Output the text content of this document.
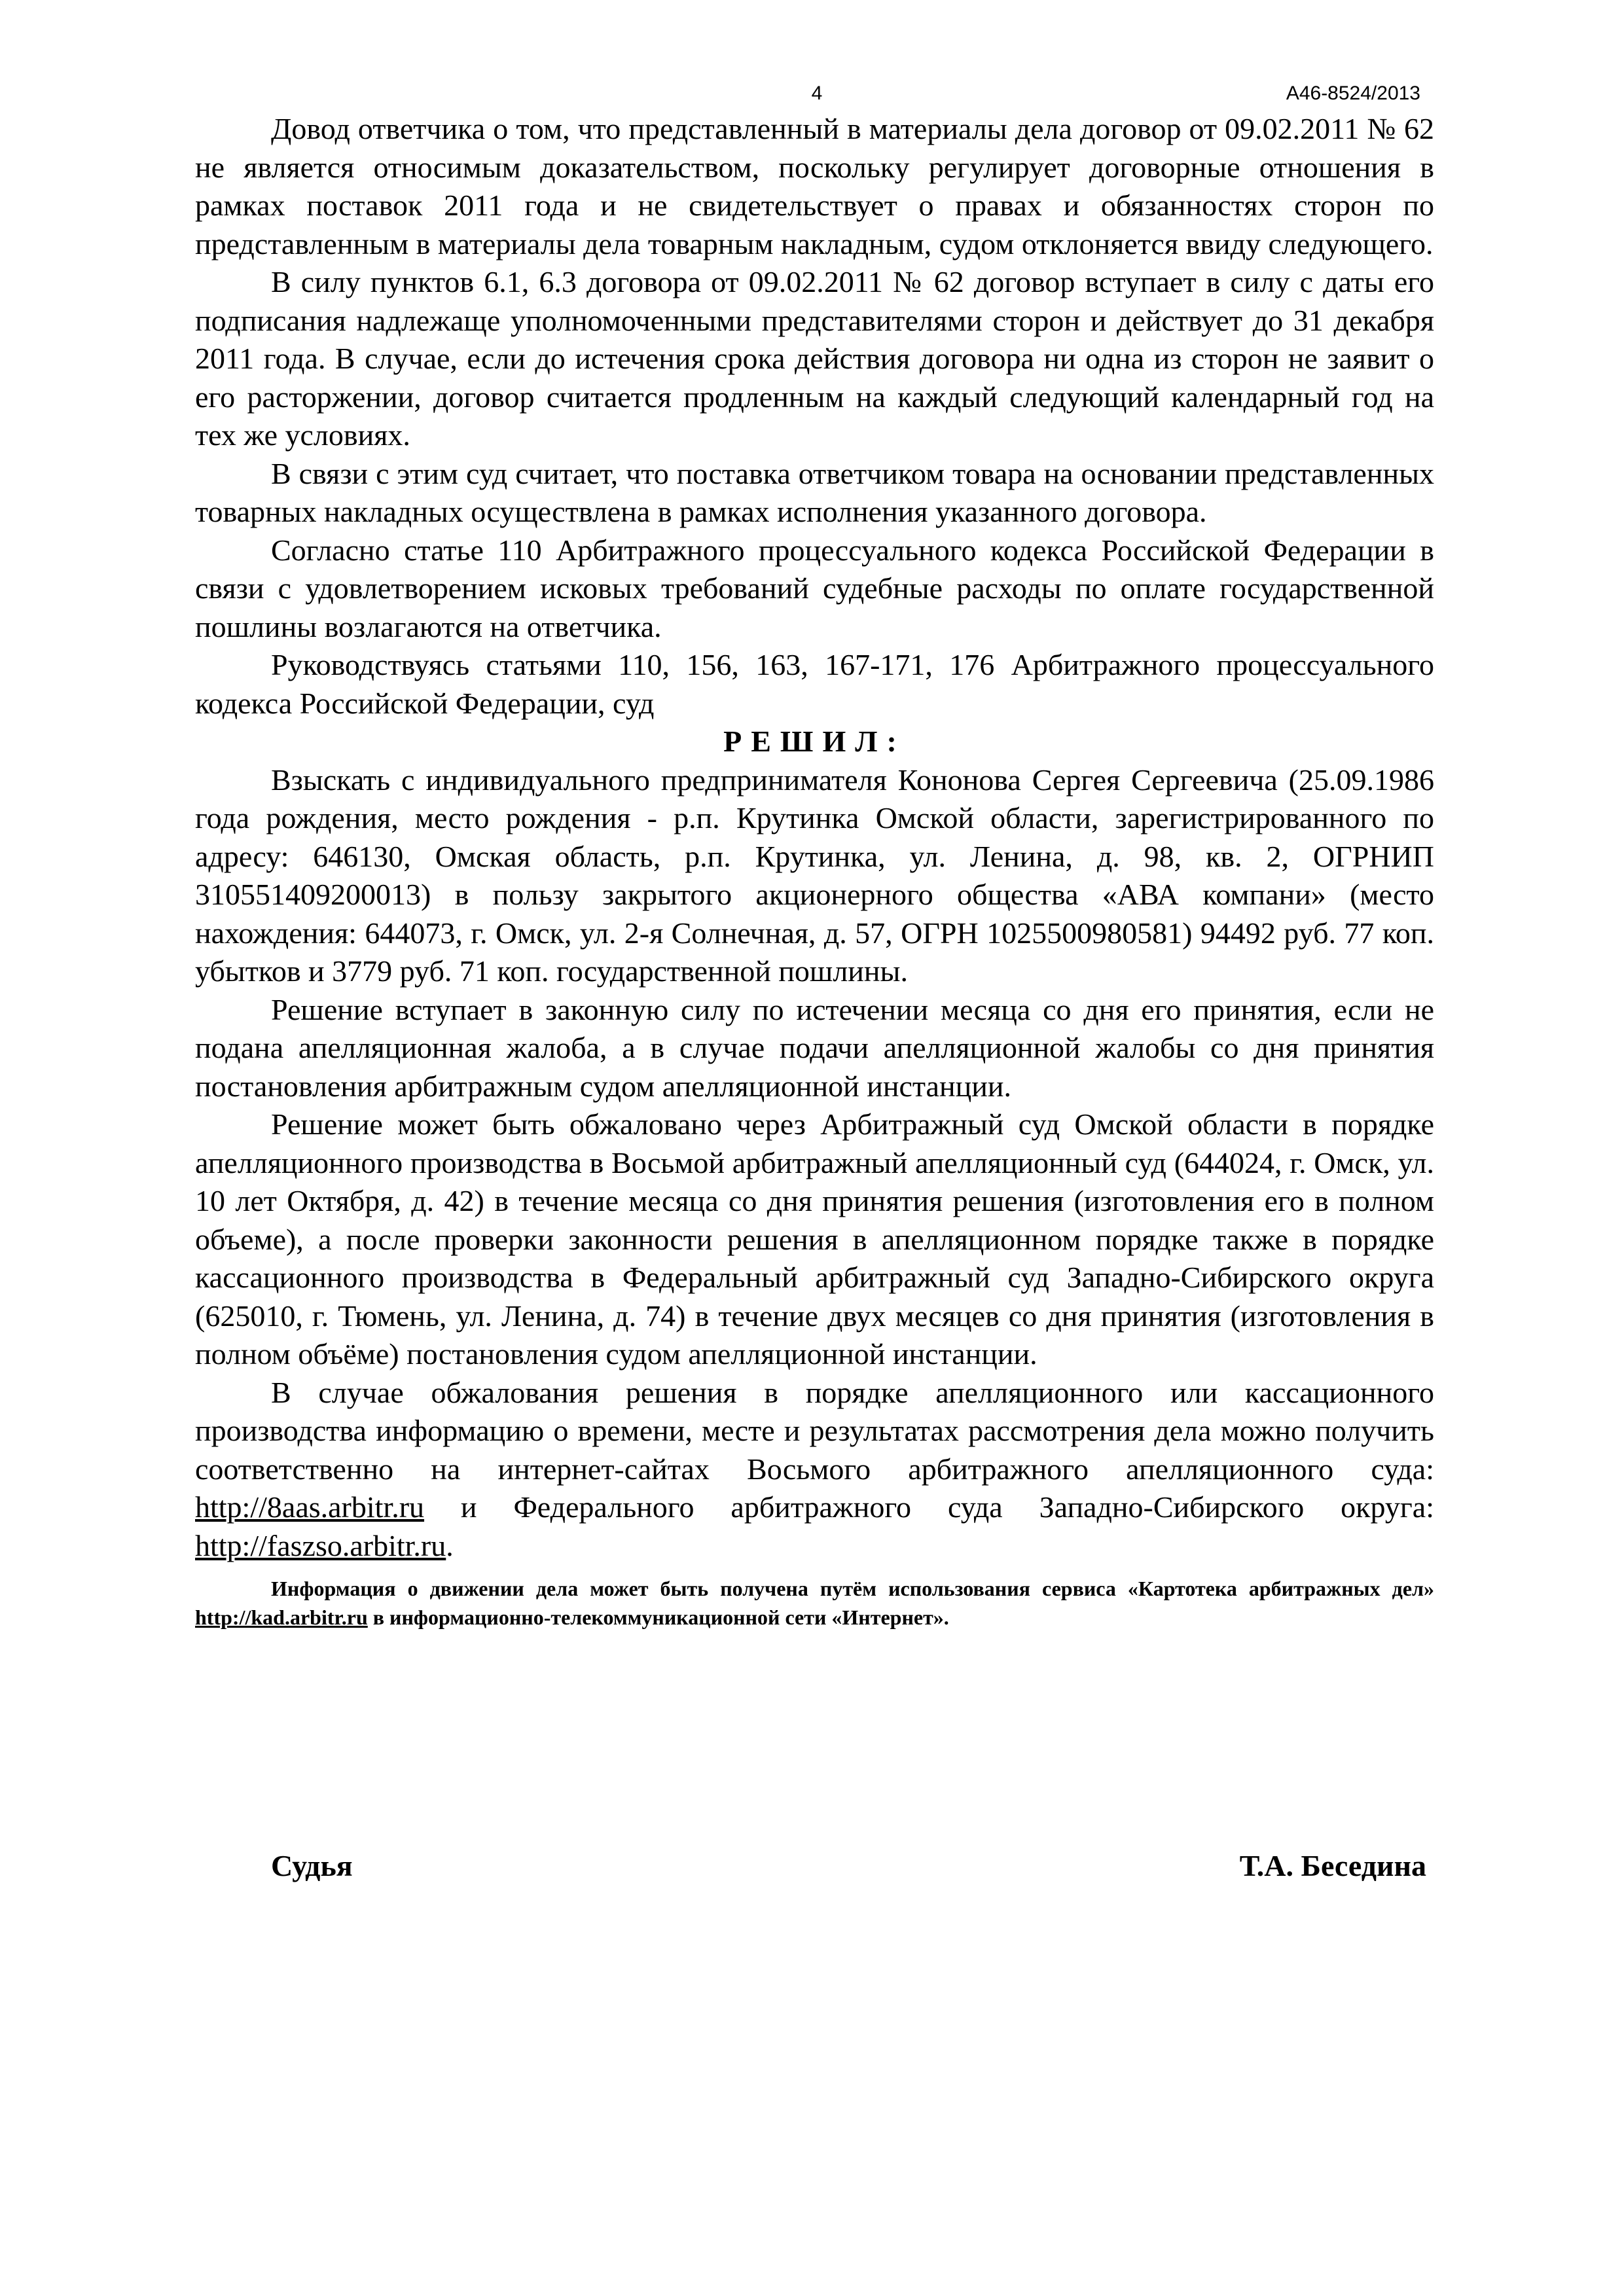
4	А46-8524/2013

Довод ответчика о том, что представленный в материалы дела договор от 09.02.2011 № 62 не является относимым доказательством, поскольку регулирует договорные отношения в рамках поставок 2011 года и не свидетельствует о правах и обязанностях сторон по представленным в материалы дела товарным накладным, судом отклоняется ввиду следующего.

В силу пунктов 6.1, 6.3 договора от 09.02.2011 № 62 договор вступает в силу с даты его подписания надлежаще уполномоченными представителями сторон и действует до 31 декабря 2011 года. В случае, если до истечения срока действия договора ни одна из сторон не заявит о его расторжении, договор считается продленным на каждый следующий календарный год на тех же условиях.

В связи с этим суд считает, что поставка ответчиком товара на основании представленных товарных накладных осуществлена в рамках исполнения указанного договора.

Согласно статье 110 Арбитражного процессуального кодекса Российской Федерации в связи с удовлетворением исковых требований судебные расходы по оплате государственной пошлины возлагаются на ответчика.

Руководствуясь статьями 110, 156, 163, 167-171, 176 Арбитражного процессуального кодекса Российской Федерации, суд

РЕШИЛ:

Взыскать с индивидуального предпринимателя Кононова Сергея Сергеевича (25.09.1986 года рождения, место рождения - р.п. Крутинка Омской области, зарегистрированного по адресу: 646130, Омская область, р.п. Крутинка, ул. Ленина, д. 98, кв. 2, ОГРНИП 310551409200013) в пользу закрытого акционерного общества «АВА компани» (место нахождения: 644073, г. Омск, ул. 2-я Солнечная, д. 57, ОГРН 1025500980581) 94492 руб. 77 коп. убытков и 3779 руб. 71 коп. государственной пошлины.

Решение вступает в законную силу по истечении месяца со дня его принятия, если не подана апелляционная жалоба, а в случае подачи апелляционной жалобы со дня принятия постановления арбитражным судом апелляционной инстанции.

Решение может быть обжаловано через Арбитражный суд Омской области в порядке апелляционного производства в Восьмой арбитражный апелляционный суд (644024, г. Омск, ул. 10 лет Октября, д. 42) в течение месяца со дня принятия решения (изготовления его в полном объеме), а после проверки законности решения в апелляционном порядке также в порядке кассационного производства в Федеральный арбитражный суд Западно-Сибирского округа (625010, г. Тюмень, ул. Ленина, д. 74) в течение двух месяцев со дня принятия (изготовления в полном объёме) постановления судом апелляционной инстанции.

В случае обжалования решения в порядке апелляционного или кассационного производства информацию о времени, месте и результатах рассмотрения дела можно получить соответственно на интернет-сайтах Восьмого арбитражного апелляционного суда: http://8aas.arbitr.ru и Федерального арбитражного суда Западно-Сибирского округа: http://faszso.arbitr.ru.

Информация о движении дела может быть получена путём использования сервиса «Картотека арбитражных дел» http://kad.arbitr.ru в информационно-телекоммуникационной сети «Интернет».

Судья	Т.А. Беседина
